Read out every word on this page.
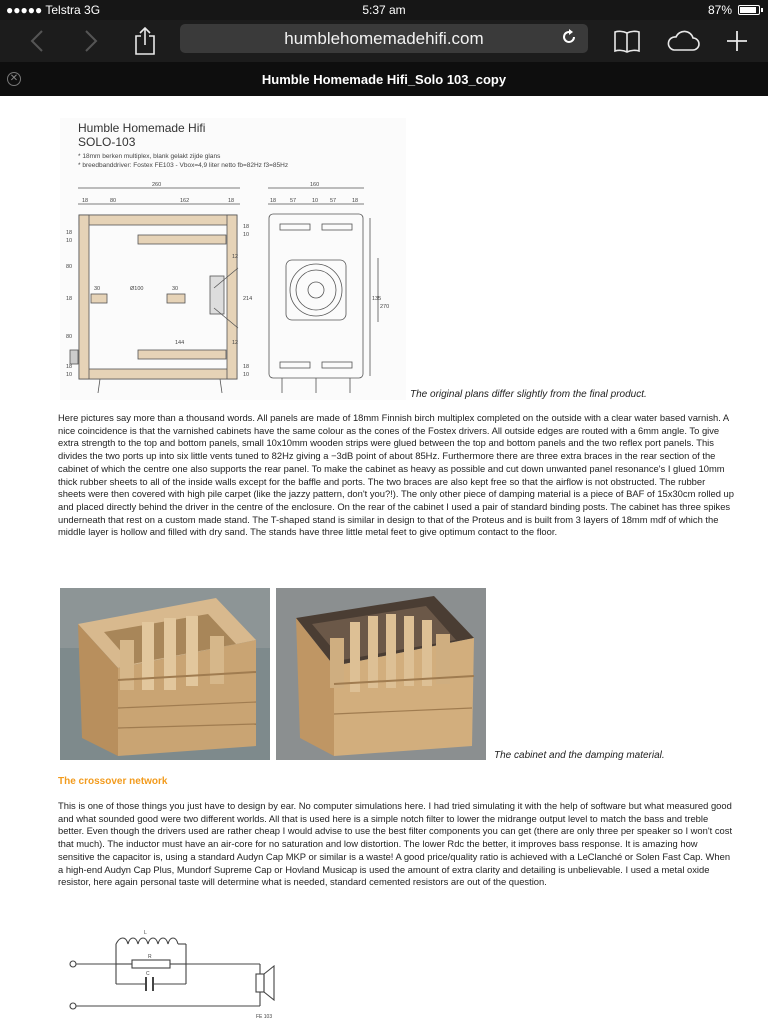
●●●●● Telstra 3G	5:37 am	87%
humblehomemadehifi.com
✕	Humble Homemade Hifi_Solo 103_copy
Humble Homemade Hifi
SOLO-103
* 18mm berken multiplex, blank gelakt zijde glans
* breedbanddriver: Fostex FE103 - Vbox=4,9 liter netto fb=82Hz f3=85Hz
260
18	80	162	18
30	Ø100	30
144
214
12
12
18
10
80
80
18
10
18
18
10
18
10
160
18	57	10 57	18
135
270
The original plans differ slightly from the final product.

Here pictures say more than a thousand words. All panels are made of 18mm Finnish birch multiplex completed on the outside with a clear water based varnish. A nice coincidence is that the varnished cabinets have the same colour as the cones of the Fostex drivers. All outside edges are routed with a 6mm angle. To give extra strength to the top and bottom panels, small 10x10mm wooden strips were glued between the top and bottom panels and the two reflex port panels. This divides the two ports up into six little vents tuned to 82Hz giving a −3dB point of about 85Hz. Furthermore there are three extra braces in the rear section of the cabinet of which the centre one also supports the rear panel. To make the cabinet as heavy as possible and cut down unwanted panel resonance's I glued 10mm thick rubber sheets to all of the inside walls except for the baffle and ports. The two braces are also kept free so that the airflow is not obstructed. The rubber sheets were then covered with high pile carpet (like the jazzy pattern, don't you?!). The only other piece of damping material is a piece of BAF of 15x30cm rolled up and placed directly behind the driver in the centre of the enclosure. On the rear of the cabinet I used a pair of standard binding posts. The cabinet has three spikes underneath that rest on a custom made stand. The T-shaped stand is similar in design to that of the Proteus and is built from 3 layers of 18mm mdf of which the middle layer is hollow and filled with dry sand. The stands have three little metal feet to give optimum contact to the floor.

The cabinet and the damping material.
The crossover network

This is one of those things you just have to design by ear. No computer simulations here. I had tried simulating it with the help of software but what measured good and what sounded good were two different worlds. All that is used here is a simple notch filter to lower the midrange output level to match the bass and treble better. Even though the drivers used are rather cheap I would advise to use the best filter components you can get (there are only three per speaker so I won't cost that much). The inductor must have an air-core for no saturation and low distortion. The lower Rdc the better, it improves bass response. It is amazing how sensitive the capacitor is, using a standard Audyn Cap MKP or similar is a waste! A good price/quality ratio is achieved with a LeClanché or Solen Fast Cap. When a high-end Audyn Cap Plus, Mundorf Supreme Cap or Hovland Musicap is used the amount of extra clarity and detailing is unbelievable. I used a metal oxide resistor, here again personal taste will determine what is needed, standard cemented resistors are out of the question.

L
R
C
FE 103
